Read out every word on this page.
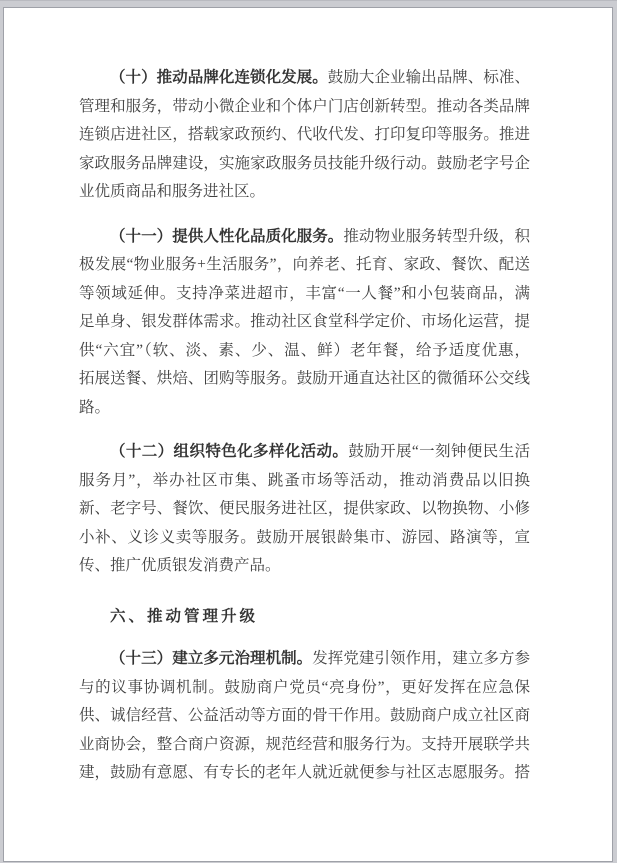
（十）推动品牌化连锁化发展。鼓励大企业输出品牌、标准、
管理和服务，带动小微企业和个体户门店创新转型。推动各类品牌
连锁店进社区，搭载家政预约、代收代发、打印复印等服务。推进
家政服务品牌建设，实施家政服务员技能升级行动。鼓励老字号企
业优质商品和服务进社区。
（十一）提供人性化品质化服务。推动物业服务转型升级，积
极发展“物业服务+生活服务”，向养老、托育、家政、餐饮、配送
等领域延伸。支持净菜进超市，丰富“一人餐”和小包装商品，满
足单身、银发群体需求。推动社区食堂科学定价、市场化运营，提
供“六宜”（软、淡、素、少、温、鲜）老年餐，给予适度优惠，
拓展送餐、烘焙、团购等服务。鼓励开通直达社区的微循环公交线
路。
（十二）组织特色化多样化活动。鼓励开展“一刻钟便民生活
服务月”，举办社区市集、跳蚤市场等活动，推动消费品以旧换
新、老字号、餐饮、便民服务进社区，提供家政、以物换物、小修
小补、义诊义卖等服务。鼓励开展银龄集市、游园、路演等，宣
传、推广优质银发消费产品。
六、推动管理升级
（十三）建立多元治理机制。发挥党建引领作用，建立多方参
与的议事协调机制。鼓励商户党员“亮身份”，更好发挥在应急保
供、诚信经营、公益活动等方面的骨干作用。鼓励商户成立社区商
业商协会，整合商户资源，规范经营和服务行为。支持开展联学共
建，鼓励有意愿、有专长的老年人就近就便参与社区志愿服务。搭
